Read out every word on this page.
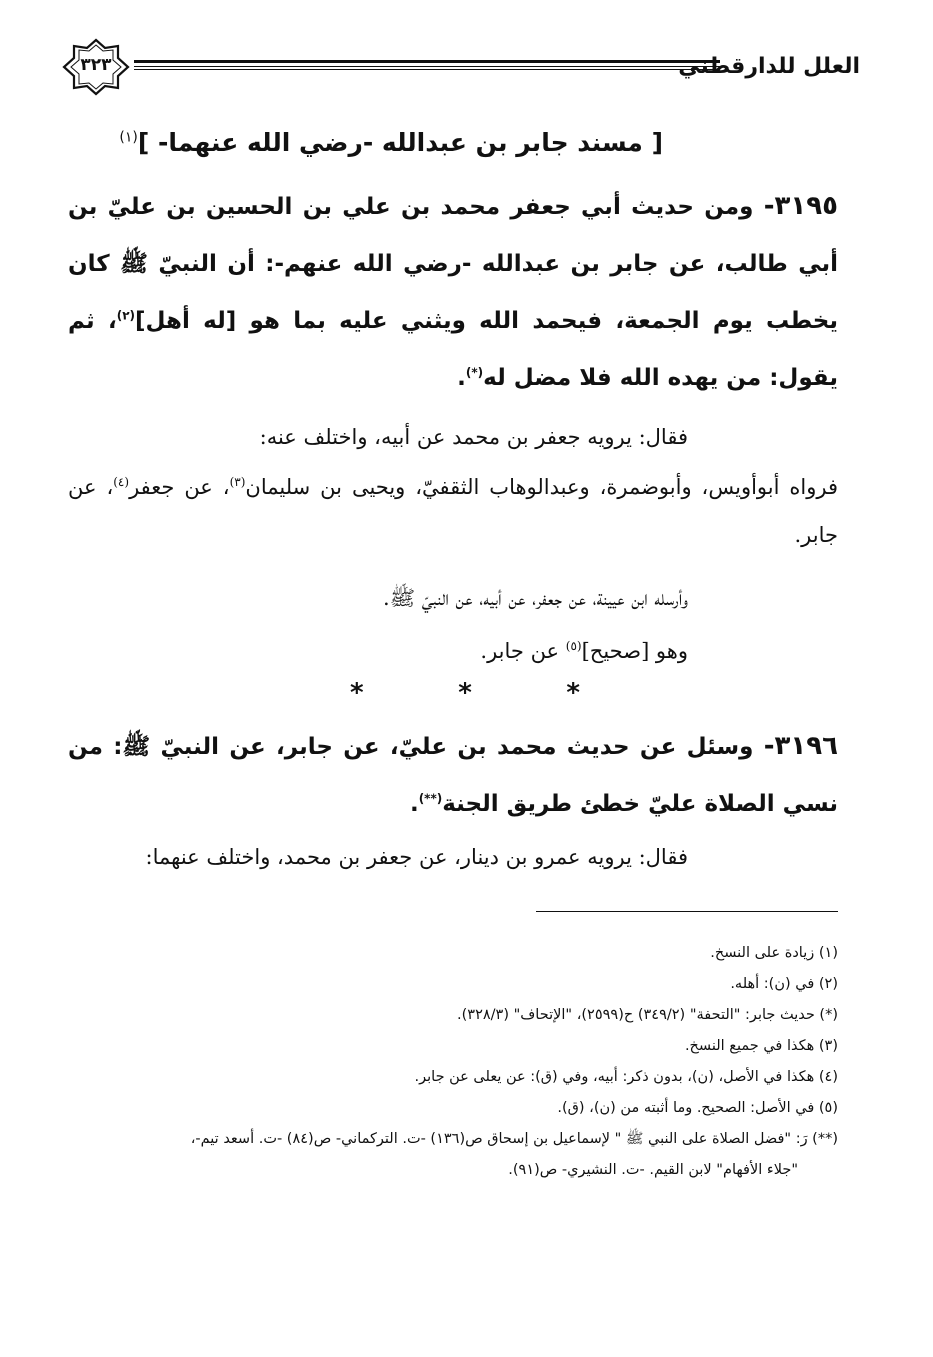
العلل للدارقطني
٣٢٣
[ مسند جابر بن عبدالله -رضي الله عنهما- ]$^{(١)}$
٣١٩٥- ومن حديث أبي جعفر محمد بن علي بن الحسين بن عليّ بن أبي طالب، عن جابر بن عبدالله -رضي الله عنهم-: أن النبيّ ﷺ كان يخطب يوم الجمعة، فيحمد الله ويثني عليه بما هو [له أهل]$^{(٢)}$، ثم يقول: من يهده الله فلا مضل له(*).
فقال: يرويه جعفر بن محمد عن أبيه، واختلف عنه:
فرواه أبوأويس، وأبوضمرة، وعبدالوهاب الثقفيّ، ويحيى بن سليمان$^{(٣)}$، عن جعفر$^{(٤)}$، عن جابر.
وأرسله ابن عيينة، عن جعفر، عن أبيه، عن النبيّ ﷺ.
وهو [صحيح]$^{(٥)}$ عن جابر.
*	*	*
٣١٩٦- وسئل عن حديث محمد بن عليّ، عن جابر، عن النبيّ ﷺ: من نسي الصلاة عليّ خطئ طريق الجنة(**).
فقال: يرويه عمرو بن دينار، عن جعفر بن محمد، واختلف عنهما:
(١) زيادة على النسخ.
(٢) في (ن): أهله.
(*) حديث جابر: "التحفة" (٣٤٩/٢) ح(٢٥٩٩)، "الإتحاف" (٣٢٨/٣).
(٣) هكذا في جميع النسخ.
(٤) هكذا في الأصل، (ن)، بدون ذكر: أبيه، وفي (ق): عن يعلى عن جابر.
(٥) في الأصل: الصحيح. وما أثبته من (ن)، (ق).
(**) رَ: "فضل الصلاة على النبي ﷺ " لإسماعيل بن إسحاق ص(١٣٦) -ت. التركماني- ص(٨٤) -ت. أسعد تيم-،
"جلاء الأفهام" لابن القيم. -ت. النشيري- ص(٩١).
